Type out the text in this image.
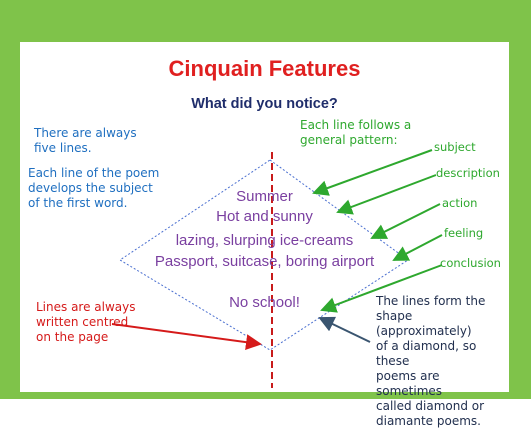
Cinquain Features
What did you notice?

There are always
five lines.

Each line of the poem
develops the subject
of the first word.

Each line follows a
general pattern:

Lines are always
written centred
on the page

The lines form the
shape (approximately)
of a diamond, so these
poems are sometimes
called diamond or
diamante poems.

Summer

Hot and sunny

lazing, slurping ice-creams

Passport, suitcase, boring airport

No school!

subject

description

action

feeling

conclusion
